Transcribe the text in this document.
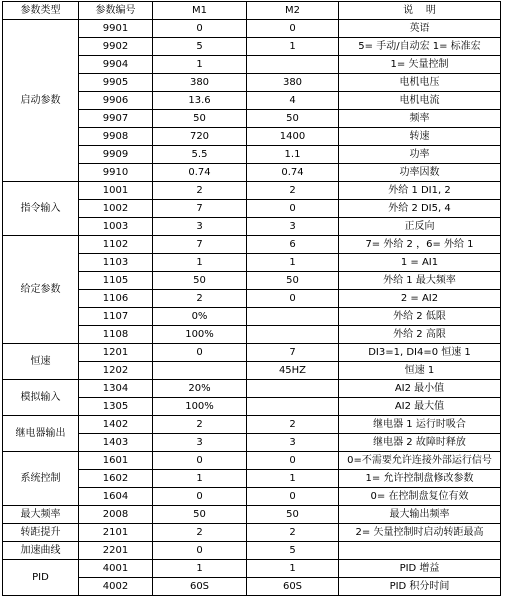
参数类型	参数编号	M1	M2	说    明
启动参数	9901	0	0	英语
	9902	5	1	5= 手动/自动宏 1= 标准宏
	9904	1		1= 矢量控制
	9905	380	380	电机电压
	9906	13.6	4	电机电流
	9907	50	50	频率
	9908	720	1400	转速
	9909	5.5	1.1	功率
	9910	0.74	0.74	功率因数
指令输入	1001	2	2	外给 1 DI1, 2
	1002	7	0	外给 2 DI5, 4
	1003	3	3	正反向
给定参数	1102	7	6	7= 外给 2 ，6= 外给 1
	1103	1	1	1 = AI1
	1105	50	50	外给 1 最大频率
	1106	2	0	2 = AI2
	1107	0%		外给 2 低限
	1108	100%		外给 2 高限
恒速	1201	0	7	DI3=1, DI4=0 恒速 1
	1202		45HZ	恒速 1
模拟输入	1304	20%		AI2 最小值
	1305	100%		AI2 最大值
继电器输出	1402	2	2	继电器 1 运行时吸合
	1403	3	3	继电器 2 故障时释放
系统控制	1601	0	0	0=不需要允许连接外部运行信号
	1602	1	1	1= 允许控制盘修改参数
	1604	0	0	0= 在控制盘复位有效
最大频率	2008	50	50	最大输出频率
转距提升	2101	2	2	2= 矢量控制时启动转距最高
加速曲线	2201	0	5	
PID	4001	1	1	PID 增益
	4002	60S	60S	PID 积分时间
